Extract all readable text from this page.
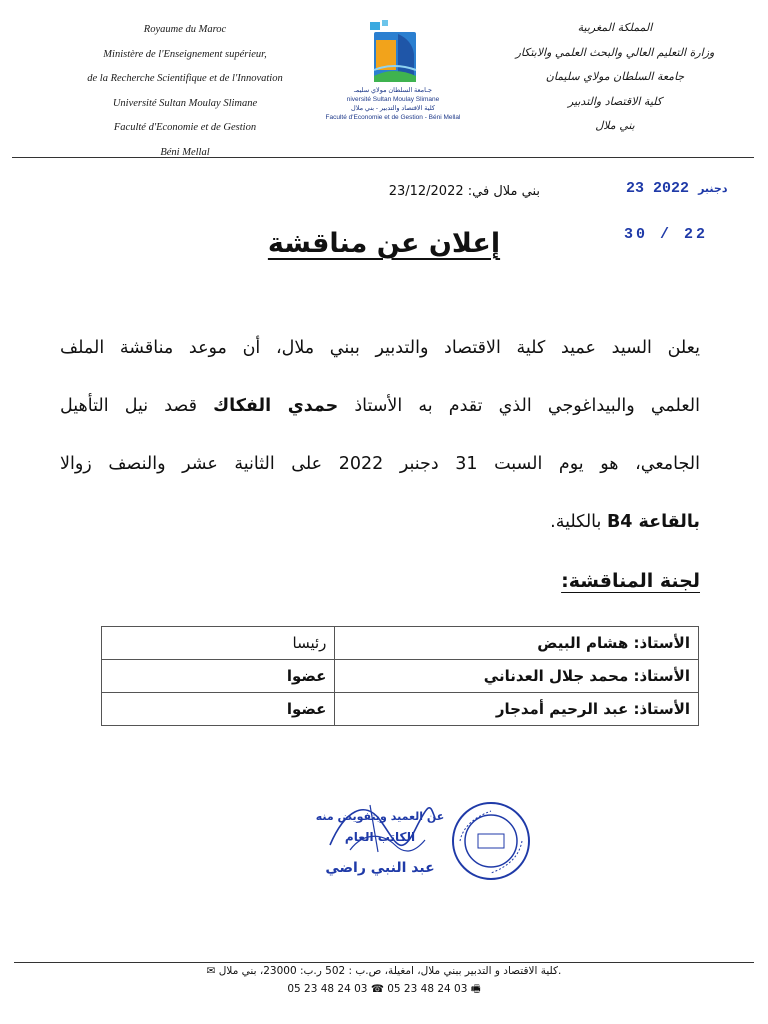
Royaume du Maroc
Ministère de l'Enseignement supérieur,
de la Recherche Scientifique et de l'Innovation
Université Sultan Moulay Slimane
Faculté d'Economie et de Gestion
Béni Mellal
المملكة المغربية
وزارة التعليم العالي والبحث العلمي والابتكار
جامعة السلطان مولاي سليمان
كلية الاقتصاد والتدبير
بني ملال
جـامعة السلطان مولاي سليمـ
niversité Sultan Moulay Slimane
كلية الاقتصاد والتدبير - بني ملال
Faculté d'Economie et de Gestion - Béni Mellal
بني ملال في: 23/12/2022	23	دجنبر 2022
30 / 22
إعلان عن مناقشة
يعلن السيد عميد كلية الاقتصاد والتدبير ببني ملال، أن موعد مناقشة الملف
العلمي والبيداغوجي الذي تقدم به الأستاذ حمدي الفكاك قصد نيل التأهيل
الجامعي، هو يوم السبت 31 دجنبر 2022 على الثانية عشر والنصف زوالا
بالقاعة B4 بالكلية.
لجنة المناقشة:
الأستاذ: هشام البيض	رئيسا
الأستاذ: محمد جلال العدناني	عضوا
الأستاذ: عبد الرحيم أمدجار	عضوا
عن العميد وبتفويض منه
الكاتب العام
عبد النبي راضي
✉ كلية الاقتصاد و التدبير ببني ملال، امغيلة، ص.ب : 502 ر.ب: 23000، بني ملال.
05 23 48 24 03 ☎ 05 23 48 24 03 🖷
